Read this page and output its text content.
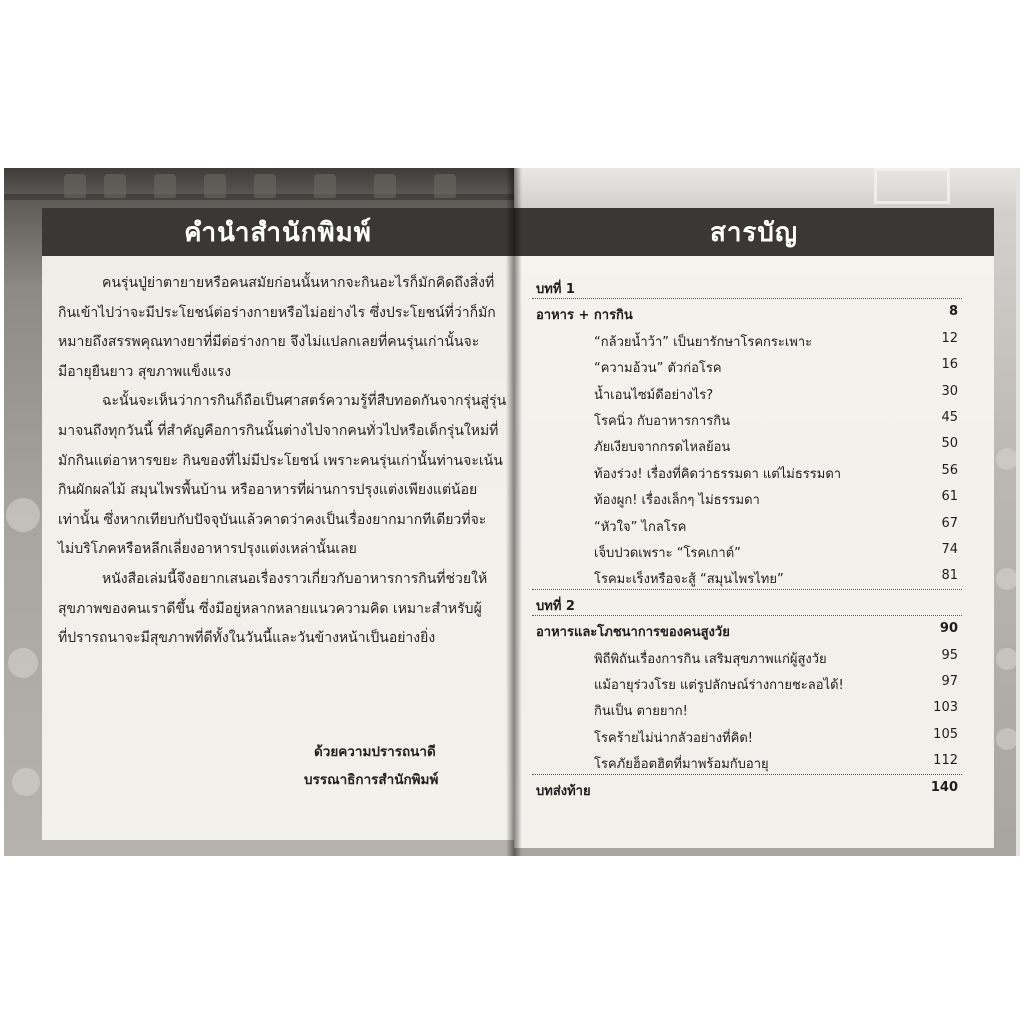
คำนำสำนักพิมพ์
คนรุ่นปู่ย่าตายายหรือคนสมัยก่อนนั้นหากจะกินอะไรก็มักคิดถึงสิ่งที่
กินเข้าไปว่าจะมีประโยชน์ต่อร่างกายหรือไม่อย่างไร ซึ่งประโยชน์ที่ว่าก็มัก
หมายถึงสรรพคุณทางยาที่มีต่อร่างกาย จึงไม่แปลกเลยที่คนรุ่นเก่านั้นจะ
มีอายุยืนยาว สุขภาพแข็งแรง
ฉะนั้นจะเห็นว่าการกินก็ถือเป็นศาสตร์ความรู้ที่สืบทอดกันจากรุ่นสู่รุ่น
มาจนถึงทุกวันนี้ ที่สำคัญคือการกินนั้นต่างไปจากคนทั่วไปหรือเด็กรุ่นใหม่ที่
มักกินแต่อาหารขยะ กินของที่ไม่มีประโยชน์ เพราะคนรุ่นเก่านั้นท่านจะเน้น
กินผักผลไม้ สมุนไพรพื้นบ้าน หรืออาหารที่ผ่านการปรุงแต่งเพียงแต่น้อย
เท่านั้น ซึ่งหากเทียบกับปัจจุบันแล้วคาดว่าคงเป็นเรื่องยากมากทีเดียวที่จะ
ไม่บริโภคหรือหลีกเลี่ยงอาหารปรุงแต่งเหล่านั้นเลย
หนังสือเล่มนี้จึงอยากเสนอเรื่องราวเกี่ยวกับอาหารการกินที่ช่วยให้
สุขภาพของคนเราดีขึ้น ซึ่งมีอยู่หลากหลายแนวความคิด เหมาะสำหรับผู้
ที่ปรารถนาจะมีสุขภาพที่ดีทั้งในวันนี้และวันข้างหน้าเป็นอย่างยิ่ง
ด้วยความปรารถนาดี
บรรณาธิการสำนักพิมพ์
สารบัญ
บทที่ 1
อาหาร + การกิน	8
“กล้วยน้ำว้า” เป็นยารักษาโรคกระเพาะ	12
“ความอ้วน” ตัวก่อโรค	16
น้ำเอนไซม์ดีอย่างไร?	30
โรคนิ่ว กับอาหารการกิน	45
ภัยเงียบจากกรดไหลย้อน	50
ท้องร่วง! เรื่องที่คิดว่าธรรมดา แต่ไม่ธรรมดา	56
ท้องผูก! เรื่องเล็กๆ ไม่ธรรมดา	61
“หัวใจ” ไกลโรค	67
เจ็บปวดเพราะ “โรคเกาต์”	74
โรคมะเร็งหรือจะสู้ “สมุนไพรไทย”	81
บทที่ 2
อาหารและโภชนาการของคนสูงวัย	90
พิถีพิถันเรื่องการกิน เสริมสุขภาพแก่ผู้สูงวัย	95
แม้อายุร่วงโรย แต่รูปลักษณ์ร่างกายชะลอได้!	97
กินเป็น ตายยาก!	103
โรคร้ายไม่น่ากลัวอย่างที่คิด!	105
โรคภัยฮ็อตฮิตที่มาพร้อมกับอายุ	112
บทส่งท้าย	140
